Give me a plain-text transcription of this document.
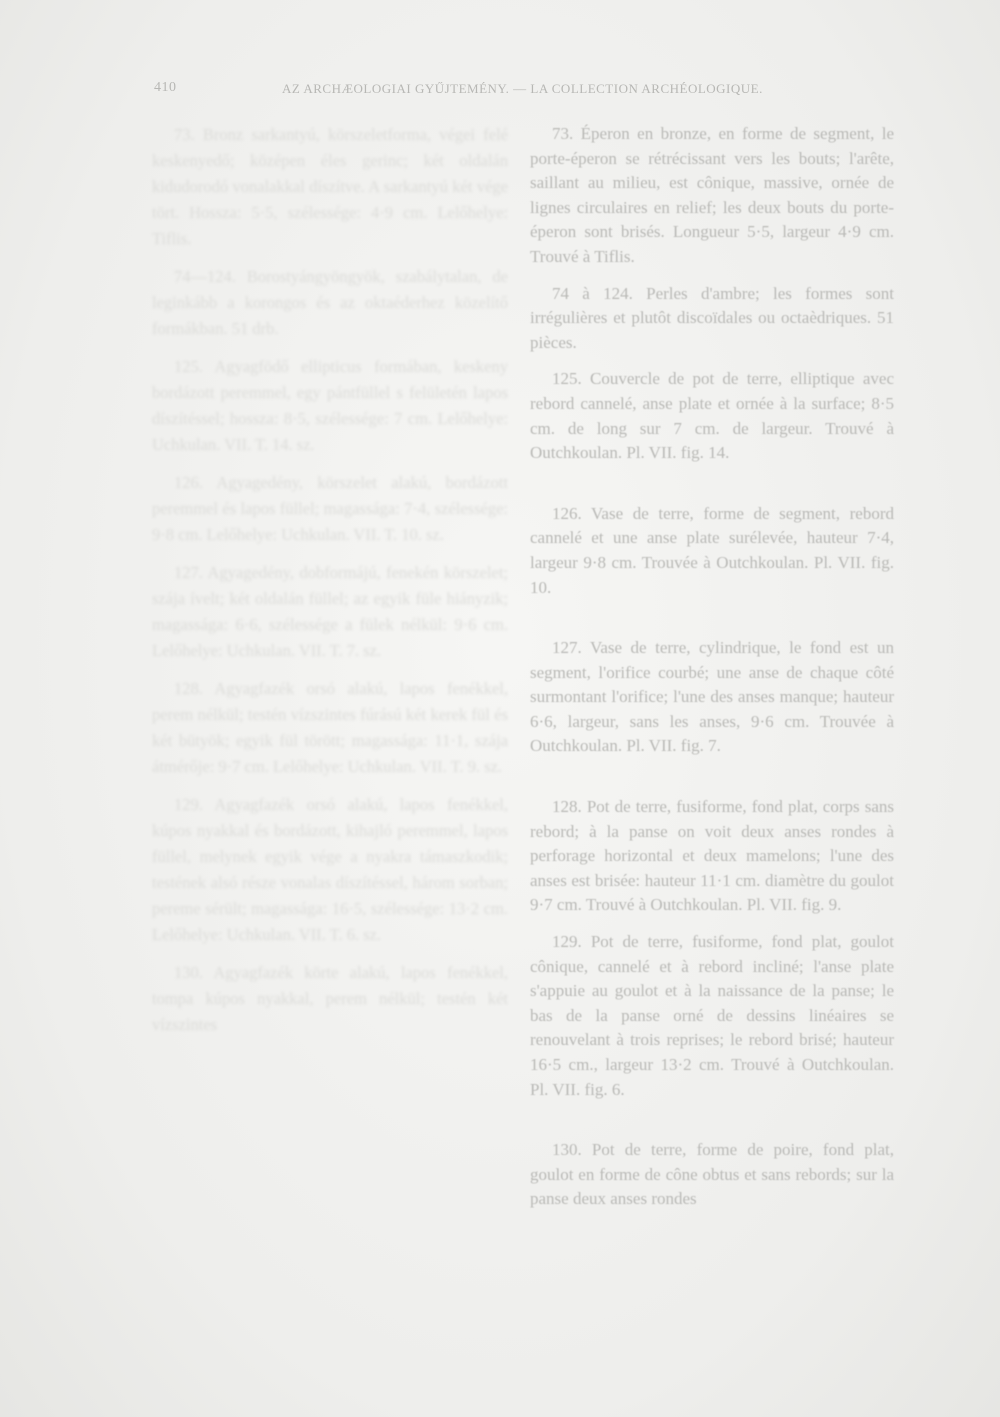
410	AZ ARCHÆOLOGIAI GYŰJTEMÉNY. — LA COLLECTION ARCHÉOLOGIQUE.

73. Bronz sarkantyú, körszeletforma, végei felé keskenyedő; középen éles gerinc; két oldalán kidudorodó vonalakkal díszítve. A sarkantyú két vége tört. Hossza: 5·5, szélessége: 4·9 cm. Lelőhelye: Tiflis.

74—124. Borostyángyöngyök, szabálytalan, de leginkább a korongos és az oktaéderhez közelítő formákban. 51 drb.

125. Agyagfödő ellipticus formában, keskeny bordázott peremmel, egy pántfüllel s felületén lapos díszítéssel; hossza: 8·5, szélessége: 7 cm. Lelőhelye: Uchkulan. VII. T. 14. sz.

126. Agyagedény, körszelet alakú, bordázott peremmel és lapos füllel; magassága: 7·4, szélessége: 9·8 cm. Lelőhelye: Uchkulan. VII. T. 10. sz.

127. Agyagedény, dobformájú, fenekén körszelet; szája ívelt; két oldalán füllel; az egyik füle hiányzik; magassága: 6·6, szélessége a fülek nélkül: 9·6 cm. Lelőhelye: Uchkulan. VII. T. 7. sz.

128. Agyagfazék orsó alakú, lapos fenékkel, perem nélkül; testén vízszintes fúrású két kerek fül és két bütyök; egyik fül törött; magassága: 11·1, szája átmérője: 9·7 cm. Lelőhelye: Uchkulan. VII. T. 9. sz.

129. Agyagfazék orsó alakú, lapos fenékkel, kúpos nyakkal és bordázott, kihajló peremmel, lapos füllel, melynek egyik vége a nyakra támaszkodik; testének alsó része vonalas díszítéssel, három sorban; pereme sérült; magassága: 16·5, szélessége: 13·2 cm. Lelőhelye: Uchkulan. VII. T. 6. sz.

130. Agyagfazék körte alakú, lapos fenékkel, tompa kúpos nyakkal, perem nélkül; testén két vízszintes

73. Éperon en bronze, en forme de segment, le porte-éperon se rétrécissant vers les bouts; l'arête, saillant au milieu, est cônique, massive, ornée de lignes circulaires en relief; les deux bouts du porte-éperon sont brisés. Longueur 5·5, largeur 4·9 cm. Trouvé à Tiflis.

74 à 124. Perles d'ambre; les formes sont irrégulières et plutôt discoïdales ou octaèdriques. 51 pièces.

125. Couvercle de pot de terre, elliptique avec rebord cannelé, anse plate et ornée à la surface; 8·5 cm. de long sur 7 cm. de largeur. Trouvé à Outchkoulan. Pl. VII. fig. 14.

126. Vase de terre, forme de segment, rebord cannelé et une anse plate surélevée, hauteur 7·4, largeur 9·8 cm. Trouvée à Outchkoulan. Pl. VII. fig. 10.

127. Vase de terre, cylindrique, le fond est un segment, l'orifice courbé; une anse de chaque côté surmontant l'orifice; l'une des anses manque; hauteur 6·6, largeur, sans les anses, 9·6 cm. Trouvée à Outchkoulan. Pl. VII. fig. 7.

128. Pot de terre, fusiforme, fond plat, corps sans rebord; à la panse on voit deux anses rondes à perforage horizontal et deux mamelons; l'une des anses est brisée: hauteur 11·1 cm. diamètre du goulot 9·7 cm. Trouvé à Outchkoulan. Pl. VII. fig. 9.

129. Pot de terre, fusiforme, fond plat, goulot cônique, cannelé et à rebord incliné; l'anse plate s'appuie au goulot et à la naissance de la panse; le bas de la panse orné de dessins linéaires se renouvelant à trois reprises; le rebord brisé; hauteur 16·5 cm., largeur 13·2 cm. Trouvé à Outchkoulan. Pl. VII. fig. 6.

130. Pot de terre, forme de poire, fond plat, goulot en forme de cône obtus et sans rebords; sur la panse deux anses rondes
